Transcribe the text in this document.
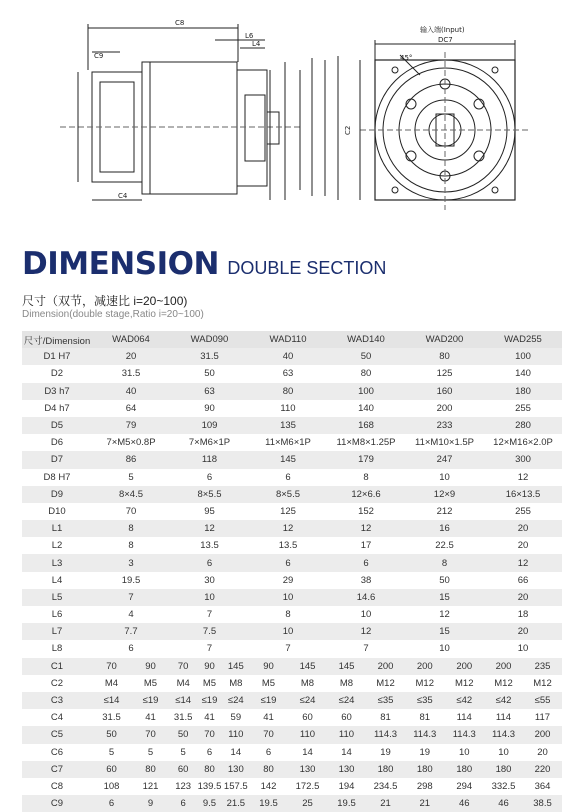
C8
C9
L6
L4
C4
输入端(Input)
DC7
45°
C2
DIMENSION DOUBLE SECTION
尺寸（双节，减速比 i=20~100)
Dimension(double stage,Ratio i=20~100)
尺寸/Dimension	WAD064	WAD090	WAD110	WAD140	WAD200	WAD255
D1 H7	20	31.5	40	50	80	100
D2	31.5	50	63	80	125	140
D3 h7	40	63	80	100	160	180
D4 h7	64	90	110	140	200	255
D5	79	109	135	168	233	280
D6	7×M5×0.8P	7×M6×1P	11×M6×1P	11×M8×1.25P	11×M10×1.5P	12×M16×2.0P
D7	86	118	145	179	247	300
D8 H7	5	6	6	8	10	12
D9	8×4.5	8×5.5	8×5.5	12×6.6	12×9	16×13.5
D10	70	95	125	152	212	255
L1	8	12	12	12	16	20
L2	8	13.5	13.5	17	22.5	20
L3	3	6	6	6	8	12
L4	19.5	30	29	38	50	66
L5	7	10	10	14.6	15	20
L6	4	7	8	10	12	18
L7	7.7	7.5	10	12	15	20
L8	6	7	7	7	10	10
C1	70 90	70 90 145	90 145	145 200	200 200	200 235

C2	M4 M5	M4 M5 M8	M5 M8	M8 M12	M12 M12	M12 M12

C3	≤14 ≤19	≤14 ≤19 ≤24	≤19 ≤24	≤24 ≤35	≤35 ≤42	≤42 ≤55

C4	31.5 41	31.5 41 59	41 60	60 81	81 114	114 117

C5	50 70	50 70 110	70 110	110 114.3	114.3 114.3	114.3 200

C6	5 5	5 6 14	6 14	14 19	19 10	10 20

C7	60 80	60 80 130	80 130	130 180	180 180	180 220

C8	108 121	123 139.5 157.5	142 172.5	194 234.5	298 294	332.5 364

C9	6 9	6 9.5 21.5	19.5 25	19.5 21	21 46	46 38.5
